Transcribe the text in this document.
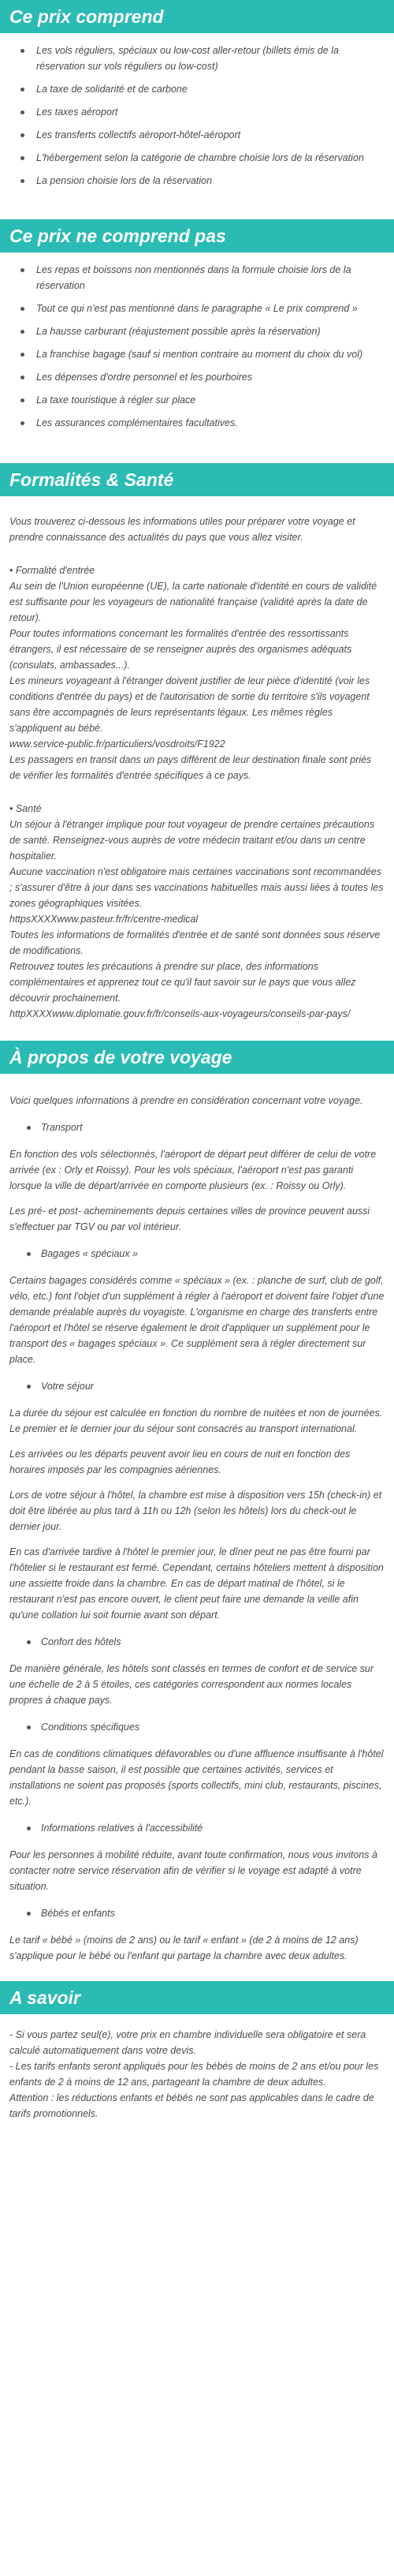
Ce prix comprend
Les vols réguliers, spéciaux ou low-cost aller-retour (billets émis de la réservation sur vols réguliers ou low-cost)
La taxe de solidarité et de carbone
Les taxes aéroport
Les transferts collectifs aéroport-hôtel-aéroport
L'hébergement selon la catégorie de chambre choisie lors de la réservation
La pension choisie lors de la réservation
Ce prix ne comprend pas
Les repas et boissons non mentionnés dans la formule choisie lors de la réservation
Tout ce qui n'est pas mentionné dans le paragraphe « Le prix comprend »
La hausse carburant (réajustement possible après la réservation)
La franchise bagage (sauf si mention contraire au moment du choix du vol)
Les dépenses d'ordre personnel et les pourboires
La taxe touristique à régler sur place
Les assurances complémentaires facultatives.
Formalités & Santé
Vous trouverez ci-dessous les informations utiles pour préparer votre voyage et prendre connaissance des actualités du pays que vous allez visiter.
• Formalité d'entrée
Au sein de l'Union européenne (UE), la carte nationale d'identité en cours de validité est suffisante pour les voyageurs de nationalité française (validité après la date de retour).
Pour toutes informations concernant les formalités d'entrée des ressortissants étrangers, il est nécessaire de se renseigner auprès des organismes adéquats (consulats, ambassades...).
Les mineurs voyageant à l'étranger doivent justifier de leur pièce d'identité (voir les conditions d'entrée du pays) et de l'autorisation de sortie du territoire s'ils voyagent sans être accompagnés de leurs représentants légaux. Les mêmes règles s'appliquent au bébé.
www.service-public.fr/particuliers/vosdroits/F1922
Les passagers en transit dans un pays différent de leur destination finale sont priés de vérifier les formalités d'entrée spécifiques à ce pays.
• Santé
Un séjour à l'étranger implique pour tout voyageur de prendre certaines précautions de santé. Renseignez-vous auprès de votre médecin traitant et/ou dans un centre hospitalier.
Aucune vaccination n'est obligatoire mais certaines vaccinations sont recommandées ; s'assurer d'être à jour dans ses vaccinations habituelles mais aussi liées à toutes les zones géographiques visitées.
httpsXXXXwww.pasteur.fr/fr/centre-medical
Toutes les informations de formalités d'entrée et de santé sont données sous réserve de modifications.
Retrouvez toutes les précautions à prendre sur place, des informations complémentaires et apprenez tout ce qu'il faut savoir sur le pays que vous allez découvrir prochainement.
httpXXXXwww.diplomatie.gouv.fr/fr/conseils-aux-voyageurs/conseils-par-pays/
À propos de votre voyage

Voici quelques informations à prendre en considération concernant votre voyage.

Transport

En fonction des vols sélectionnés, l'aéroport de départ peut différer de celui de votre arrivée (ex : Orly et Roissy). Pour les vols spéciaux, l'aéroport n'est pas garanti lorsque la ville de départ/arrivée en comporte plusieurs (ex. : Roissy ou Orly).

Les pré- et post- acheminements depuis certaines villes de province peuvent aussi s'effectuer par TGV ou par vol intérieur.

Bagages « spéciaux »

Certains bagages considérés comme « spéciaux » (ex. : planche de surf, club de golf, vélo, etc.) font l'objet d'un supplément à régler à l'aéroport et doivent faire l'objet d'une demande préalable auprès du voyagiste. L'organisme en charge des transferts entre l'aéroport et l'hôtel se réserve également le droit d'appliquer un supplément pour le transport des « bagages spéciaux ». Ce supplément sera à régler directement sur place.

Votre séjour

La durée du séjour est calculée en fonction du nombre de nuitées et non de journées. Le premier et le dernier jour du séjour sont consacrés au transport international.

Les arrivées ou les départs peuvent avoir lieu en cours de nuit en fonction des horaires imposés par les compagnies aériennes.

Lors de votre séjour à l'hôtel, la chambre est mise à disposition vers 15h (check-in) et doit être libérée au plus tard à 11h ou 12h (selon les hôtels) lors du check-out le dernier jour.

En cas d'arrivée tardive à l'hôtel le premier jour, le dîner peut ne pas être fourni par l'hôtelier si le restaurant est fermé. Cependant, certains hôteliers mettent à disposition une assiette froide dans la chambre. En cas de départ matinal de l'hôtel, si le restaurant n'est pas encore ouvert, le client peut faire une demande la veille afin qu'une collation lui soit fournie avant son départ.

Confort des hôtels

De manière générale, les hôtels sont classés en termes de confort et de service sur une échelle de 2 à 5 étoiles, ces catégories correspondent aux normes locales propres à chaque pays.

Conditions spécifiques

En cas de conditions climatiques défavorables ou d'une affluence insuffisante à l'hôtel pendant la basse saison, il est possible que certaines activités, services et installations ne soient pas proposés (sports collectifs, mini club, restaurants, piscines, etc.).

Informations relatives à l'accessibilité

Pour les personnes à mobilité réduite, avant toute confirmation, nous vous invitons à contacter notre service réservation afin de vérifier si le voyage est adapté à votre situation.

Bébés et enfants

Le tarif « bébé » (moins de 2 ans) ou le tarif « enfant » (de 2 à moins de 12 ans) s'applique pour le bébé ou l'enfant qui partage la chambre avec deux adultes.

A savoir
- Si vous partez seul(e), votre prix en chambre individuelle sera obligatoire et sera calculé automatiquement dans votre devis.
- Les tarifs enfants seront appliqués pour les bébés de moins de 2 ans et/ou pour les enfants de 2 à moins de 12 ans, partageant la chambre de deux adultes.
Attention : les réductions enfants et bébés ne sont pas applicables dans le cadre de tarifs promotionnels.
